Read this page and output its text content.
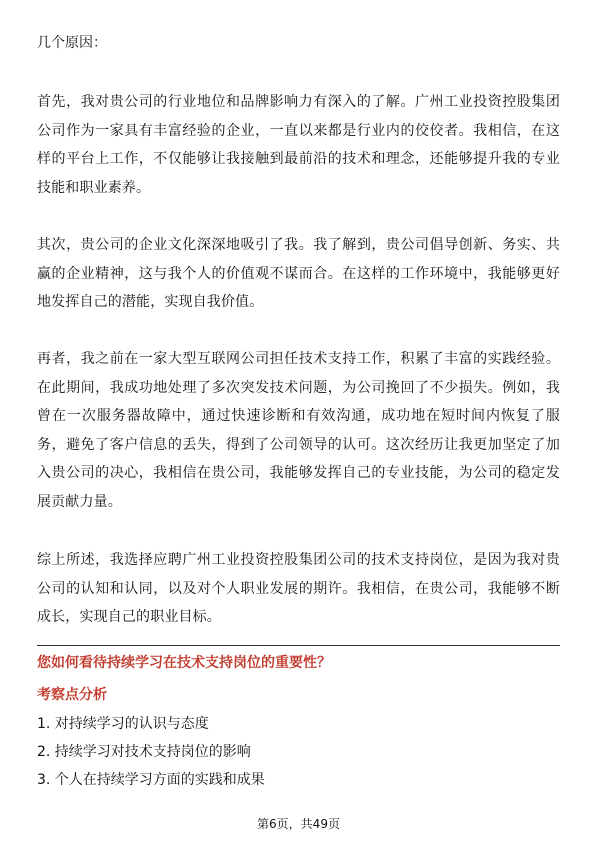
几个原因：

首先，我对贵公司的行业地位和品牌影响力有深入的了解。广州工业投资控股集团公司作为一家具有丰富经验的企业，一直以来都是行业内的佼佼者。我相信，在这样的平台上工作，不仅能够让我接触到最前沿的技术和理念，还能够提升我的专业技能和职业素养。

其次，贵公司的企业文化深深地吸引了我。我了解到，贵公司倡导创新、务实、共赢的企业精神，这与我个人的价值观不谋而合。在这样的工作环境中，我能够更好地发挥自己的潜能，实现自我价值。

再者，我之前在一家大型互联网公司担任技术支持工作，积累了丰富的实践经验。在此期间，我成功地处理了多次突发技术问题，为公司挽回了不少损失。例如，我曾在一次服务器故障中，通过快速诊断和有效沟通，成功地在短时间内恢复了服务，避免了客户信息的丢失，得到了公司领导的认可。这次经历让我更加坚定了加入贵公司的决心，我相信在贵公司，我能够发挥自己的专业技能，为公司的稳定发展贡献力量。

综上所述，我选择应聘广州工业投资控股集团公司的技术支持岗位，是因为我对贵公司的认知和认同，以及对个人职业发展的期许。我相信，在贵公司，我能够不断成长，实现自己的职业目标。

您如何看待持续学习在技术支持岗位的重要性？

考察点分析

1. 对持续学习的认识与态度
2. 持续学习对技术支持岗位的影响
3. 个人在持续学习方面的实践和成果
第6页，共49页
